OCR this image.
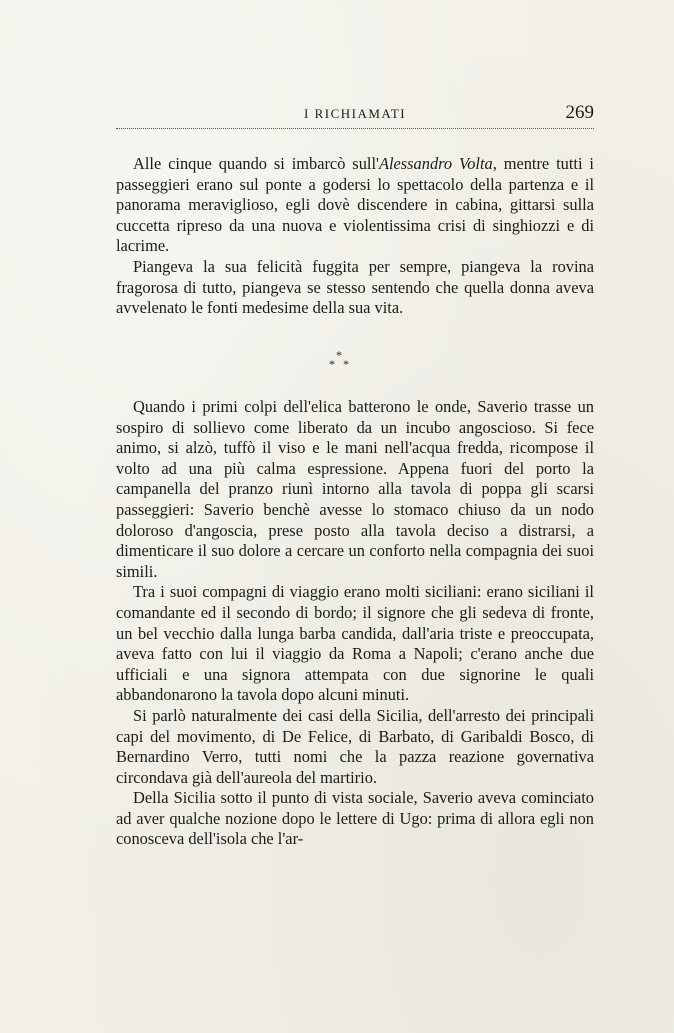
I RICHIAMATI	269

Alle cinque quando si imbarcò sull'Alessandro Volta, mentre tutti i passeggieri erano sul ponte a godersi lo spettacolo della partenza e il panorama meraviglioso, egli dovè discendere in cabina, gittarsi sulla cuccetta ripreso da una nuova e violentissima crisi di singhiozzi e di lacrime.

Piangeva la sua felicità fuggita per sempre, piangeva la rovina fragorosa di tutto, piangeva se stesso sentendo che quella donna aveva avvelenato le fonti medesime della sua vita.

*
* *

Quando i primi colpi dell'elica batterono le onde, Saverio trasse un sospiro di sollievo come liberato da un incubo angoscioso. Si fece animo, si alzò, tuffò il viso e le mani nell'acqua fredda, ricompose il volto ad una più calma espressione. Appena fuori del porto la campanella del pranzo riunì intorno alla tavola di poppa gli scarsi passeggieri: Saverio benchè avesse lo stomaco chiuso da un nodo doloroso d'angoscia, prese posto alla tavola deciso a distrarsi, a dimenticare il suo dolore a cercare un conforto nella compagnia dei suoi simili.

Tra i suoi compagni di viaggio erano molti siciliani: erano siciliani il comandante ed il secondo di bordo; il signore che gli sedeva di fronte, un bel vecchio dalla lunga barba candida, dall'aria triste e preoccupata, aveva fatto con lui il viaggio da Roma a Napoli; c'erano anche due ufficiali e una signora attempata con due signorine le quali abbandonarono la tavola dopo alcuni minuti.

Si parlò naturalmente dei casi della Sicilia, dell'arresto dei principali capi del movimento, di De Felice, di Barbato, di Garibaldi Bosco, di Bernardino Verro, tutti nomi che la pazza reazione governativa circondava già dell'aureola del martirio.

Della Sicilia sotto il punto di vista sociale, Saverio aveva cominciato ad aver qualche nozione dopo le lettere di Ugo: prima di allora egli non conosceva dell'isola che l'ar-
